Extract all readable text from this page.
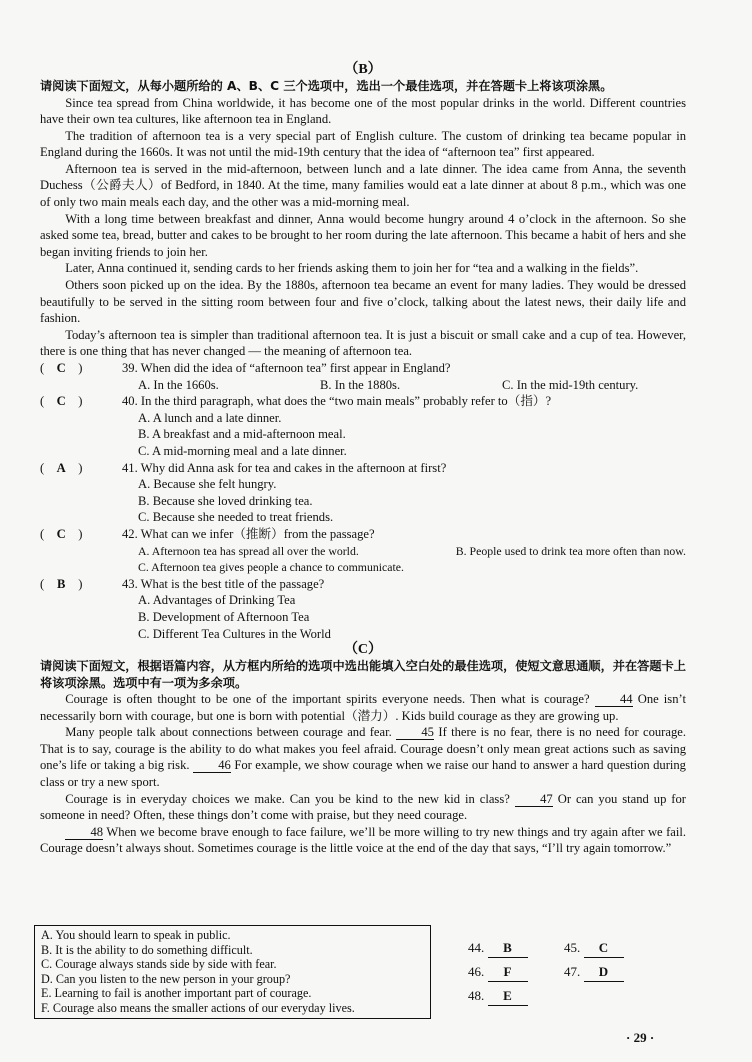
（B）
请阅读下面短文，从每小题所给的 A、B、C 三个选项中，选出一个最佳选项，并在答题卡上将该项涂黑。

Since tea spread from China worldwide, it has become one of the most popular drinks in the world. Different countries have their own tea cultures, like afternoon tea in England.

The tradition of afternoon tea is a very special part of English culture. The custom of drinking tea became popular in England during the 1660s. It was not until the mid-19th century that the idea of “afternoon tea” first appeared.

Afternoon tea is served in the mid-afternoon, between lunch and a late dinner. The idea came from Anna, the seventh Duchess（公爵夫人）of Bedford, in 1840. At the time, many families would eat a late dinner at about 8 p.m., which was one of only two main meals each day, and the other was a mid-morning meal.

With a long time between breakfast and dinner, Anna would become hungry around 4 o’clock in the afternoon. So she asked some tea, bread, butter and cakes to be brought to her room during the late afternoon. This became a habit of hers and she began inviting friends to join her.

Later, Anna continued it, sending cards to her friends asking them to join her for “tea and a walking in the fields”.

Others soon picked up on the idea. By the 1880s, afternoon tea became an event for many ladies. They would be dressed beautifully to be served in the sitting room between four and five o’clock, talking about the latest news, their daily life and fashion.

Today’s afternoon tea is simpler than traditional afternoon tea. It is just a biscuit or small cake and a cup of tea. However, there is one thing that has never changed — the meaning of afternoon tea.

( C )	39. When did the idea of “afternoon tea” first appear in England?
A. In the 1660s.	B. In the 1880s.	C. In the mid-19th century.
( C )	40. In the third paragraph, what does the “two main meals” probably refer to（指）?
A. A lunch and a late dinner.
B. A breakfast and a mid-afternoon meal.
C. A mid-morning meal and a late dinner.
( A )	41. Why did Anna ask for tea and cakes in the afternoon at first?
A. Because she felt hungry.
B. Because she loved drinking tea.
C. Because she needed to treat friends.
( C )	42. What can we infer（推断）from the passage?
A. Afternoon tea has spread all over the world.	B. People used to drink tea more often than now.
C. Afternoon tea gives people a chance to communicate.
( B )	43. What is the best title of the passage?
A. Advantages of Drinking Tea
B. Development of Afternoon Tea
C. Different Tea Cultures in the World
（C）
请阅读下面短文，根据语篇内容，从方框内所给的选项中选出能填入空白处的最佳选项，使短文意思通顺，并在答题卡上将该项涂黑。选项中有一项为多余项。

Courage is often thought to be one of the important spirits everyone needs. Then what is courage? 44 One isn’t necessarily born with courage, but one is born with potential（潜力）. Kids build courage as they are growing up.

Many people talk about connections between courage and fear. 45 If there is no fear, there is no need for courage. That is to say, courage is the ability to do what makes you feel afraid. Courage doesn’t only mean great actions such as saving one’s life or taking a big risk. 46 For example, we show courage when we raise our hand to answer a hard question during class or try a new sport.

Courage is in everyday choices we make. Can you be kind to the new kid in class? 47 Or can you stand up for someone in need? Often, these things don’t come with praise, but they need courage.

48 When we become brave enough to face failure, we’ll be more willing to try new things and try again after we fail. Courage doesn’t always shout. Sometimes courage is the little voice at the end of the day that says, “I’ll try again tomorrow.”

A. You should learn to speak in public.
B. It is the ability to do something difficult.
C. Courage always stands side by side with fear.
D. Can you listen to the new person in your group?
E. Learning to fail is another important part of courage.
F. Courage also means the smaller actions of our everyday lives.
44. B	45. C
46. F	47. D
48. E
· 29 ·
